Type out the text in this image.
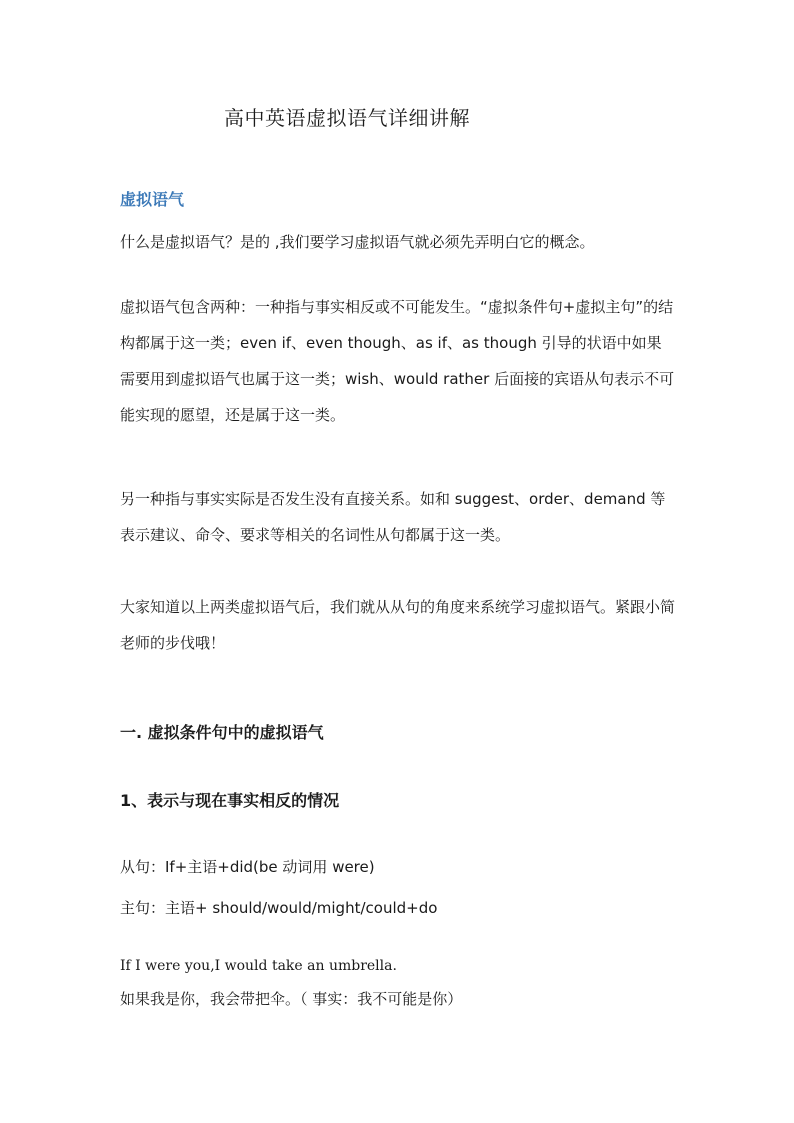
高中英语虚拟语气详细讲解

虚拟语气

什么是虚拟语气？是的 ,我们要学习虚拟语气就必须先弄明白它的概念。

虚拟语气包含两种：一种指与事实相反或不可能发生。“虚拟条件句+虚拟主句”的结构都属于这一类；even if、even though、as if、as though 引导的状语中如果需要用到虚拟语气也属于这一类；wish、would rather 后面接的宾语从句表示不可能实现的愿望，还是属于这一类。

另一种指与事实实际是否发生没有直接关系。如和 suggest、order、demand 等表示建议、命令、要求等相关的名词性从句都属于这一类。

大家知道以上两类虚拟语气后，我们就从从句的角度来系统学习虚拟语气。紧跟小简老师的步伐哦！

一. 虚拟条件句中的虚拟语气
1、表示与现在事实相反的情况

从句：If+主语+did(be 动词用 were)

主句：主语+ should/would/might/could+do

If I were you,I would take an umbrella.

如果我是你，我会带把伞。（ 事实：我不可能是你）
